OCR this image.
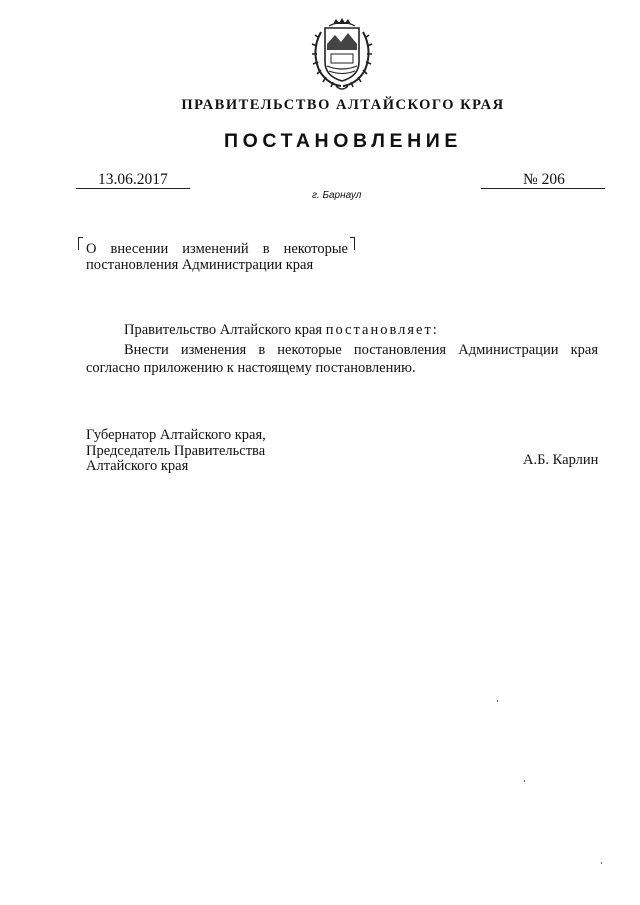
ПРАВИТЕЛЬСТВО АЛТАЙСКОГО КРАЯ
ПОСТАНОВЛЕНИЕ
13.06.2017	№ 206
г. Барнаул
О внесении изменений в некоторые
постановления Администрации края
Правительство Алтайского края постановляет:
Внести изменения в некоторые постановления Администрации края
согласно приложению к настоящему постановлению.
Губернатор Алтайского края,
Председатель Правительства
Алтайского края	А.Б. Карлин
